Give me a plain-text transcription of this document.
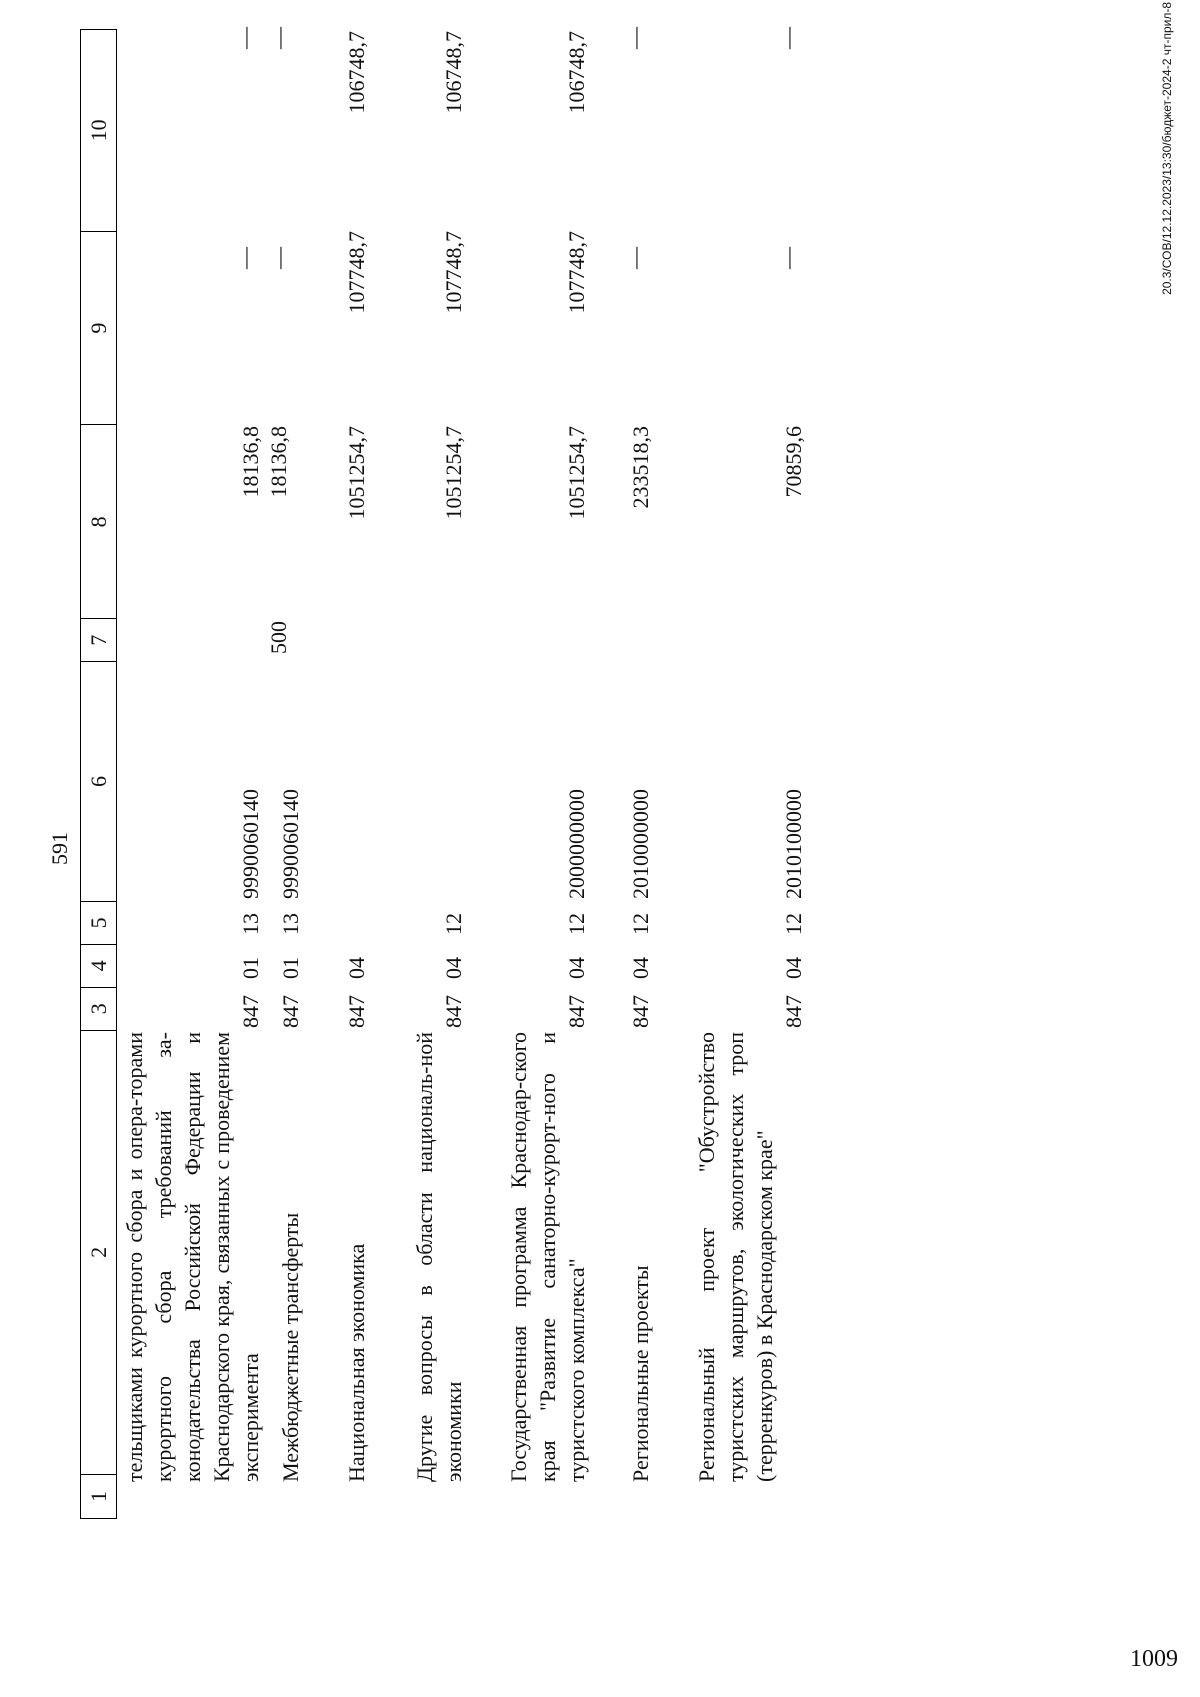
591
1
2
3
4
5
6
7
8
9
10
тельщиками курортного сбора и опера-торами курортного сбора требований за-конодательства Российской Федерации и Краснодарского края, связанных с проведением эксперимента
847
01
13
9990060140
18136,8
—
—
Межбюджетные трансферты
847
01
13
9990060140
500
18136,8
—
—
Национальная экономика
847
04
1051254,7
107748,7
106748,7
Другие вопросы в области националь-ной экономики
847
04
12
1051254,7
107748,7
106748,7
Государственная программа Краснодар-ского края "Развитие санаторно-курорт-ного и туристского комплекса"
847
04
12
2000000000
1051254,7
107748,7
106748,7
Региональные проекты
847
04
12
2010000000
233518,3
—
—
Региональный проект "Обустройство туристских маршрутов, экологических троп (терренкуров) в Краснодарском крае"
847
04
12
2010100000
70859,6
—
—	20.3/СОВ/12.12.2023/13:30/бюджет-2024-2 чт-прил-8
1009
